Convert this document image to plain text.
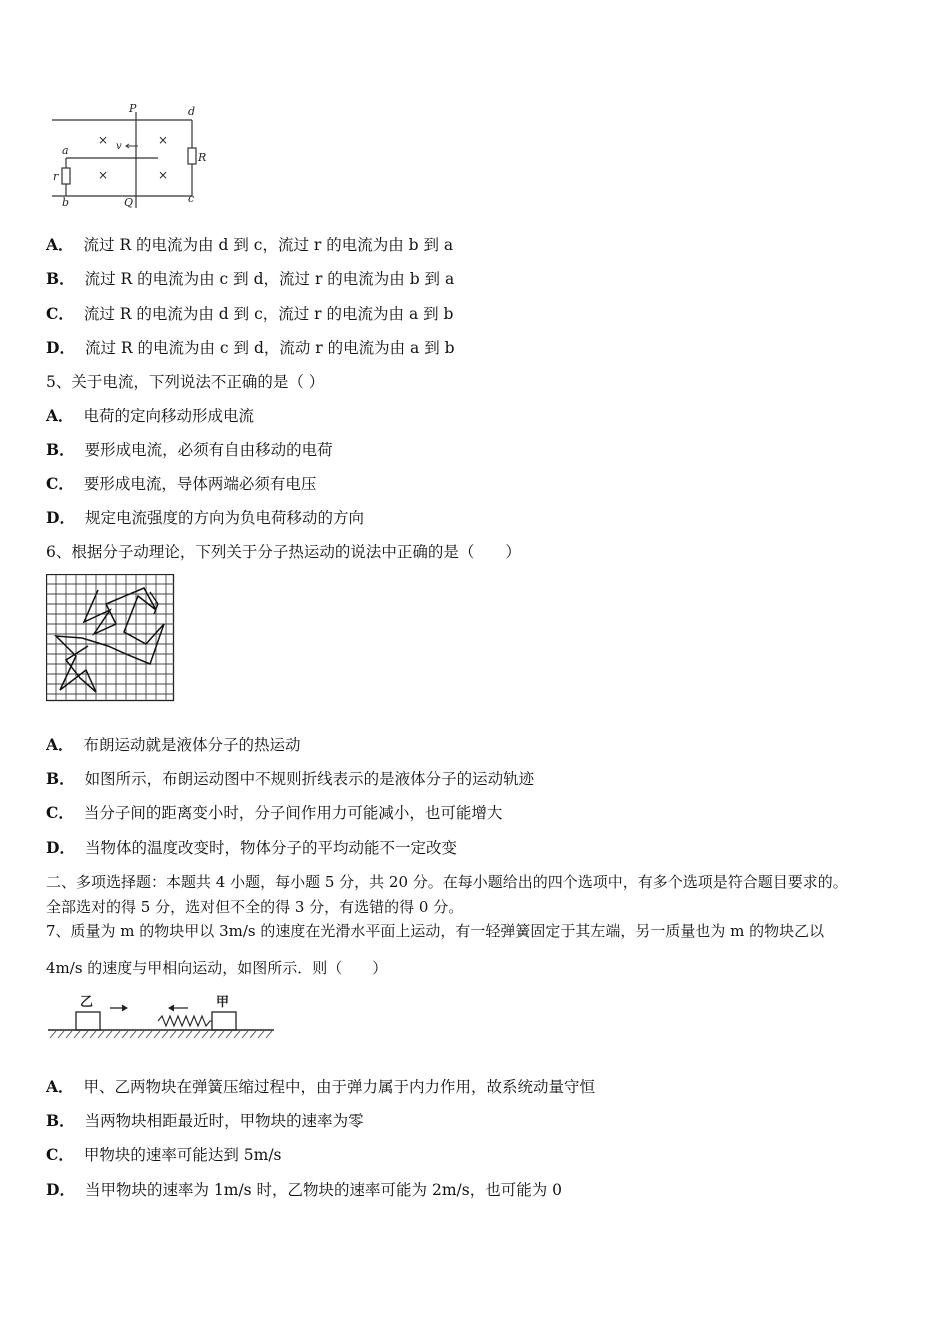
×	×
×	×
v
P	d
a
r
R
b	Q	c
A． 流过 R 的电流为由 d 到 c，流过 r 的电流为由 b 到 a
B． 流过 R 的电流为由 c 到 d，流过 r 的电流为由 b 到 a
C． 流过 R 的电流为由 d 到 c，流过 r 的电流为由 a 到 b
D． 流过 R 的电流为由 c 到 d，流动 r 的电流为由 a 到 b
5、关于电流，下列说法不正确的是（ ）
A． 电荷的定向移动形成电流
B． 要形成电流，必须有自由移动的电荷
C． 要形成电流，导体两端必须有电压
D． 规定电流强度的方向为负电荷移动的方向
6、根据分子动理论，下列关于分子热运动的说法中正确的是（　　）
A． 布朗运动就是液体分子的热运动
B． 如图所示，布朗运动图中不规则折线表示的是液体分子的运动轨迹
C． 当分子间的距离变小时，分子间作用力可能减小，也可能增大
D． 当物体的温度改变时，物体分子的平均动能不一定改变
二、多项选择题：本题共 4 小题，每小题 5 分，共 20 分。在每小题给出的四个选项中，有多个选项是符合题目要求的。
全部选对的得 5 分，选对但不全的得 3 分，有选错的得 0 分。
7、质量为 m 的物块甲以 3m/s 的速度在光滑水平面上运动，有一轻弹簧固定于其左端，另一质量也为 m 的物块乙以
4m/s 的速度与甲相向运动，如图所示．则（　　）
乙	甲
A． 甲、乙两物块在弹簧压缩过程中，由于弹力属于内力作用，故系统动量守恒
B． 当两物块相距最近时，甲物块的速率为零
C． 甲物块的速率可能达到 5m/s
D． 当甲物块的速率为 1m/s 时，乙物块的速率可能为 2m/s，也可能为 0
